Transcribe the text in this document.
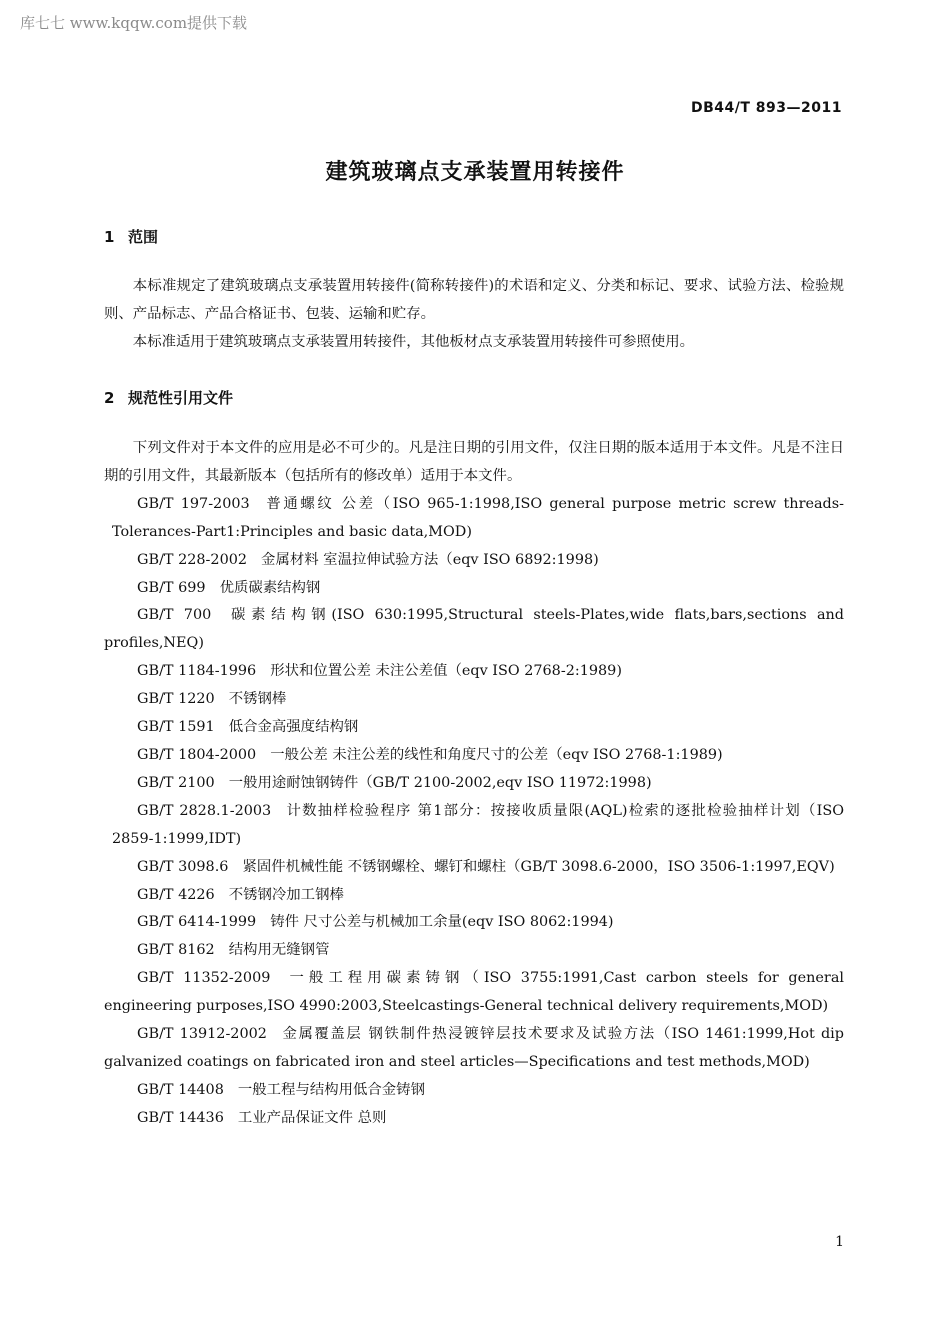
库七七 www.kqqw.com提供下载
DB44/T 893—2011
建筑玻璃点支承装置用转接件
1 范围

本标准规定了建筑玻璃点支承装置用转接件(简称转接件)的术语和定义、分类和标记、要求、试验方法、检验规则、产品标志、产品合格证书、包装、运输和贮存。

本标准适用于建筑玻璃点支承装置用转接件，其他板材点支承装置用转接件可参照使用。

2 规范性引用文件

下列文件对于本文件的应用是必不可少的。凡是注日期的引用文件，仅注日期的版本适用于本文件。凡是不注日期的引用文件，其最新版本（包括所有的修改单）适用于本文件。

GB/T 197-2003 普通螺纹 公差（ISO 965-1:1998,ISO general purpose metric screw threads-Tolerances-Part1:Principles and basic data,MOD)

GB/T 228-2002 金属材料 室温拉伸试验方法（eqv ISO 6892:1998)

GB/T 699 优质碳素结构钢

GB/T 700 碳素结构钢(ISO 630:1995,Structural steels-Plates,wide flats,bars,sections and profiles,NEQ)

GB/T 1184-1996 形状和位置公差 未注公差值（eqv ISO 2768-2:1989)

GB/T 1220 不锈钢棒

GB/T 1591 低合金高强度结构钢

GB/T 1804-2000 一般公差 未注公差的线性和角度尺寸的公差（eqv ISO 2768-1:1989)

GB/T 2100 一般用途耐蚀钢铸件（GB/T 2100-2002,eqv ISO 11972:1998)

GB/T 2828.1-2003 计数抽样检验程序 第1部分：按接收质量限(AQL)检索的逐批检验抽样计划（ISO 2859-1:1999,IDT)

GB/T 3098.6 紧固件机械性能 不锈钢螺栓、螺钉和螺柱（GB/T 3098.6-2000，ISO 3506-1:1997,EQV)

GB/T 4226 不锈钢冷加工钢棒

GB/T 6414-1999 铸件 尺寸公差与机械加工余量(eqv ISO 8062:1994)

GB/T 8162 结构用无缝钢管

GB/T 11352-2009 一般工程用碳素铸钢（ISO 3755:1991,Cast carbon steels for general engineering purposes,ISO 4990:2003,Steelcastings-General technical delivery requirements,MOD)

GB/T 13912-2002 金属覆盖层 钢铁制件热浸镀锌层技术要求及试验方法（ISO 1461:1999,Hot dip galvanized coatings on fabricated iron and steel articles—Specifications and test methods,MOD)

GB/T 14408 一般工程与结构用低合金铸钢

GB/T 14436 工业产品保证文件 总则

1
